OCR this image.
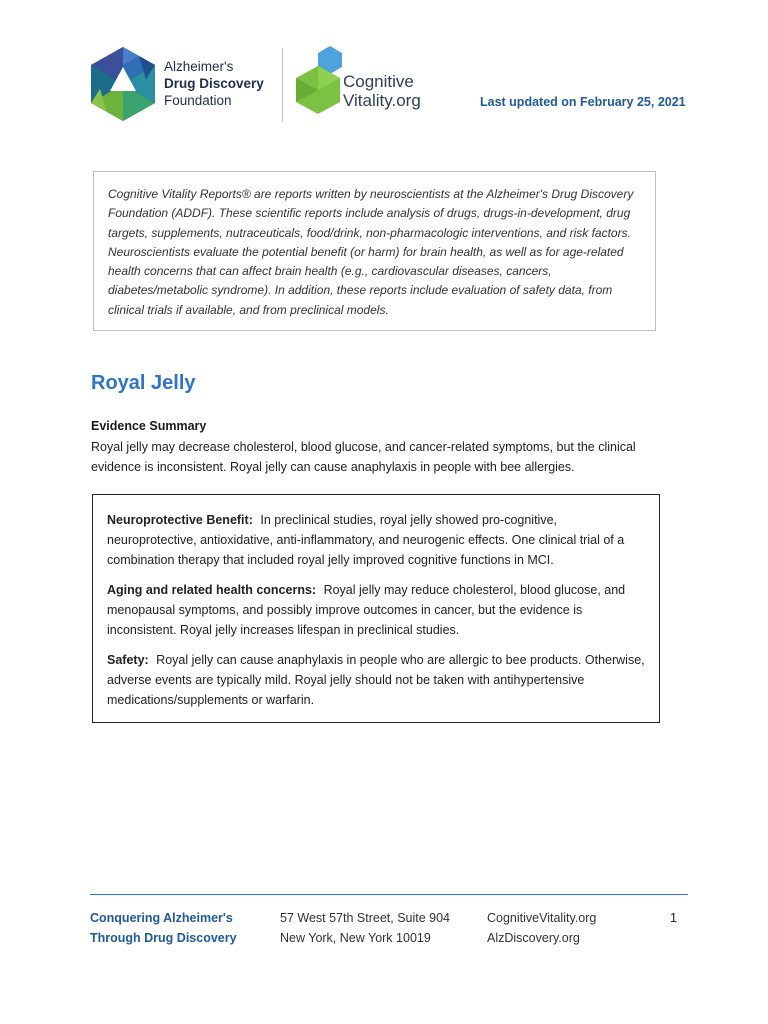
Alzheimer's
Drug Discovery
Foundation
Cognitive
Vitality.org	Last updated on February 25, 2021
Cognitive Vitality Reports® are reports written by neuroscientists at the Alzheimer's Drug Discovery Foundation (ADDF). These scientific reports include analysis of drugs, drugs-in-development, drug targets, supplements, nutraceuticals, food/drink, non-pharmacologic interventions, and risk factors. Neuroscientists evaluate the potential benefit (or harm) for brain health, as well as for age-related health concerns that can affect brain health (e.g., cardiovascular diseases, cancers, diabetes/metabolic syndrome). In addition, these reports include evaluation of safety data, from clinical trials if available, and from preclinical models.
Royal Jelly
Evidence Summary
Royal jelly may decrease cholesterol, blood glucose, and cancer-related symptoms, but the clinical evidence is inconsistent. Royal jelly can cause anaphylaxis in people with bee allergies.

Neuroprotective Benefit: In preclinical studies, royal jelly showed pro-cognitive, neuroprotective, antioxidative, anti-inflammatory, and neurogenic effects. One clinical trial of a combination therapy that included royal jelly improved cognitive functions in MCI.

Aging and related health concerns: Royal jelly may reduce cholesterol, blood glucose, and menopausal symptoms, and possibly improve outcomes in cancer, but the evidence is inconsistent. Royal jelly increases lifespan in preclinical studies.

Safety: Royal jelly can cause anaphylaxis in people who are allergic to bee products. Otherwise, adverse events are typically mild. Royal jelly should not be taken with antihypertensive medications/supplements or warfarin.

Conquering Alzheimer's
Through Drug Discovery
57 West 57th Street, Suite 904
New York, New York 10019
CognitiveVitality.org
AlzDiscovery.org
1
